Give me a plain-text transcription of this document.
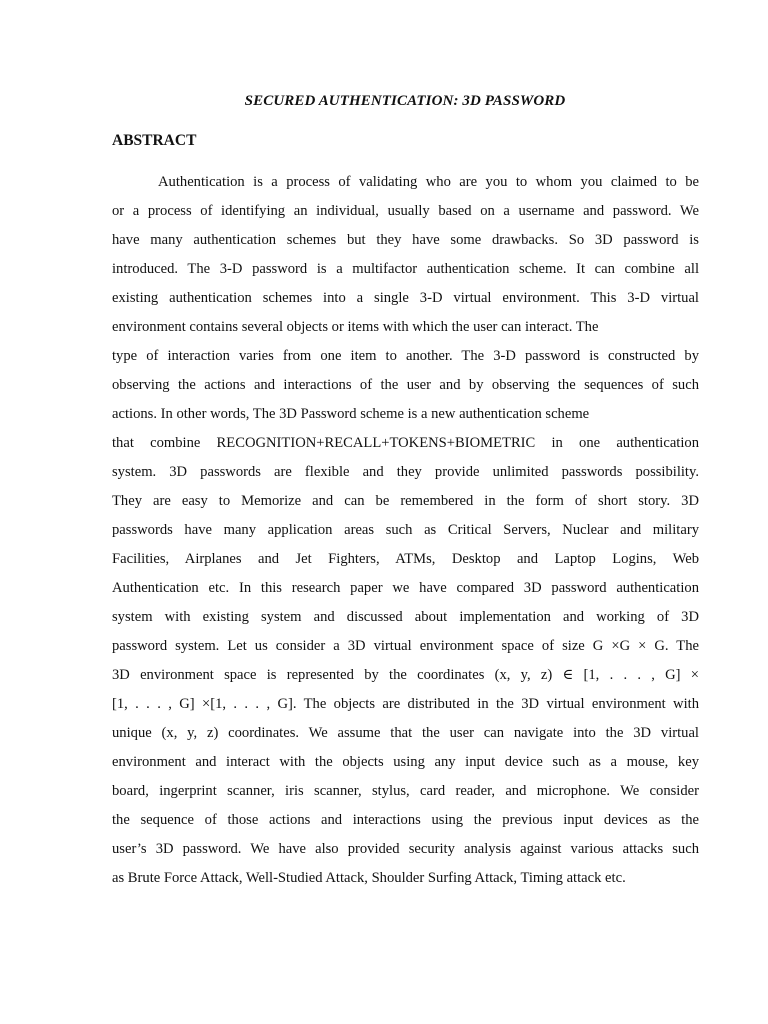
SECURED AUTHENTICATION: 3D PASSWORD
ABSTRACT
Authentication is a process of validating who are you to whom you claimed to be
or a process of identifying an individual, usually based on a username and password. We
have many authentication schemes but they have some drawbacks. So 3D password is
introduced. The 3-D password is a multifactor authentication scheme. It can combine all
existing authentication schemes into a single 3-D virtual environment. This 3-D virtual
environment contains several objects or items with which the user can interact. The
type of interaction varies from one item to another. The 3-D password is constructed by
observing the actions and interactions of the user and by observing the sequences of such
actions. In other words, The 3D Password scheme is a new authentication scheme
that combine RECOGNITION+RECALL+TOKENS+BIOMETRIC in one authentication
system. 3D passwords are flexible and they provide unlimited passwords possibility.
They are easy to Memorize and can be remembered in the form of short story. 3D
passwords have many application areas such as Critical Servers, Nuclear and military
Facilities, Airplanes and Jet Fighters, ATMs, Desktop and Laptop Logins, Web
Authentication etc. In this research paper we have compared 3D password authentication
system with existing system and discussed about implementation and working of 3D
password system. Let us consider a 3D virtual environment space of size G ×G × G. The
3D environment space is represented by the coordinates (x, y, z) ∈ [1, . . . , G] ×
[1, . . . , G] ×[1, . . . , G]. The objects are distributed in the 3D virtual environment with
unique (x, y, z) coordinates. We assume that the user can navigate into the 3D virtual
environment and interact with the objects using any input device such as a mouse, key
board, ingerprint scanner, iris scanner, stylus, card reader, and microphone. We consider
the sequence of those actions and interactions using the previous input devices as the
user’s 3D password. We have also provided security analysis against various attacks such
as Brute Force Attack, Well-Studied Attack, Shoulder Surfing Attack, Timing attack etc.
